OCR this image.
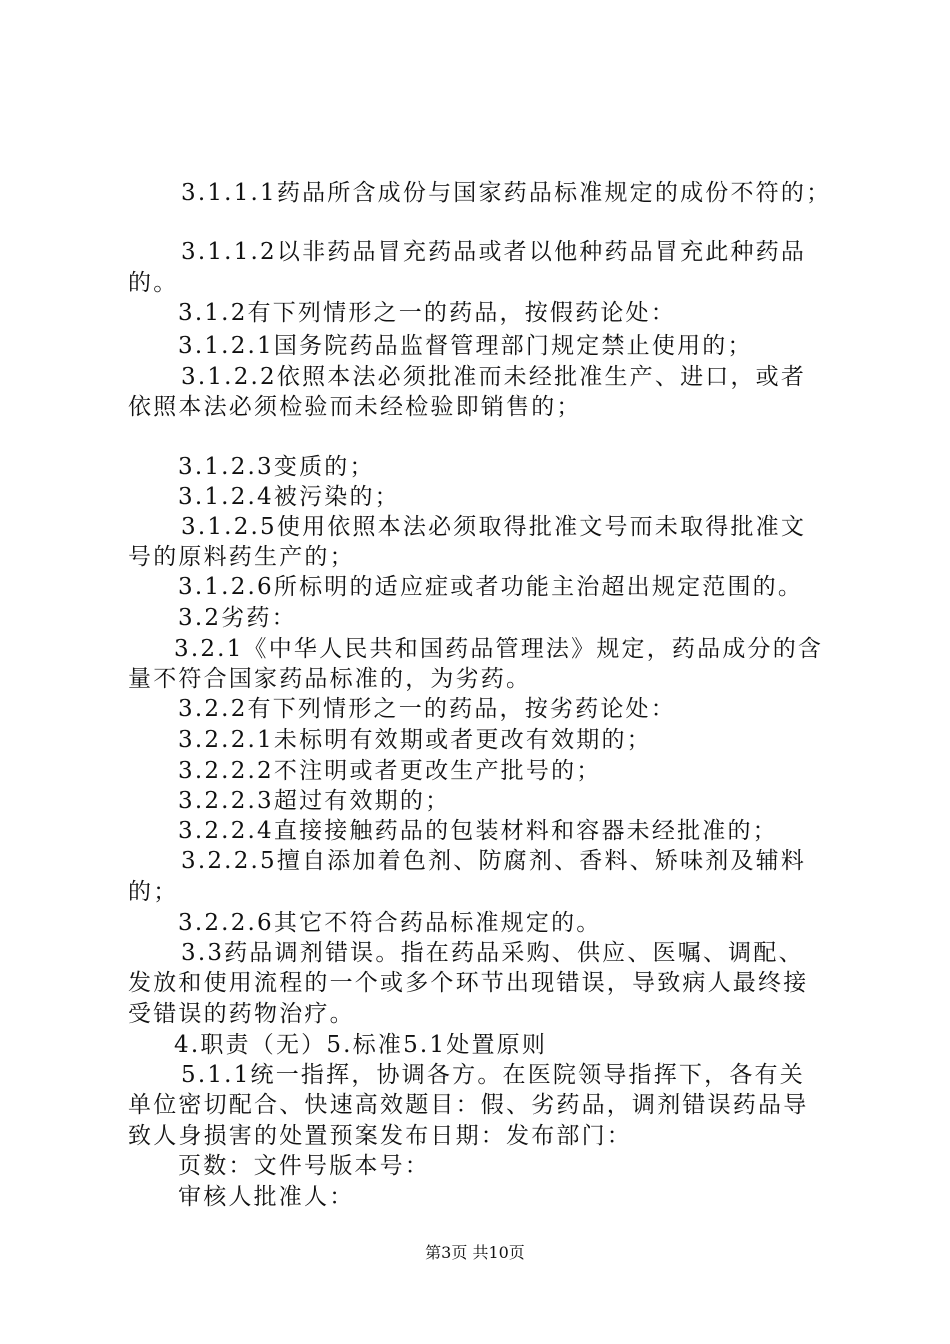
3.1.1.1药品所含成份与国家药品标准规定的成份不符的；

3.1.1.2以非药品冒充药品或者以他种药品冒充此种药品

的。

3.1.2有下列情形之一的药品，按假药论处：

3.1.2.1国务院药品监督管理部门规定禁止使用的；

3.1.2.2依照本法必须批准而未经批准生产、进口，或者

依照本法必须检验而未经检验即销售的；

3.1.2.3变质的；

3.1.2.4被污染的；

3.1.2.5使用依照本法必须取得批准文号而未取得批准文

号的原料药生产的；

3.1.2.6所标明的适应症或者功能主治超出规定范围的。

3.2劣药：

3.2.1《中华人民共和国药品管理法》规定，药品成分的含

量不符合国家药品标准的，为劣药。

3.2.2有下列情形之一的药品，按劣药论处：

3.2.2.1未标明有效期或者更改有效期的；

3.2.2.2不注明或者更改生产批号的；

3.2.2.3超过有效期的；

3.2.2.4直接接触药品的包装材料和容器未经批准的；

3.2.2.5擅自添加着色剂、防腐剂、香料、矫味剂及辅料

的；

3.2.2.6其它不符合药品标准规定的。

3.3药品调剂错误。指在药品采购、供应、医嘱、调配、

发放和使用流程的一个或多个环节出现错误，导致病人最终接

受错误的药物治疗。

4.职责（无）5.标准5.1处置原则

5.1.1统一指挥，协调各方。在医院领导指挥下，各有关

单位密切配合、快速高效题目：假、劣药品，调剂错误药品导

致人身损害的处置预案发布日期：发布部门：

页数：文件号版本号：

审核人批准人：

第3页 共10页
